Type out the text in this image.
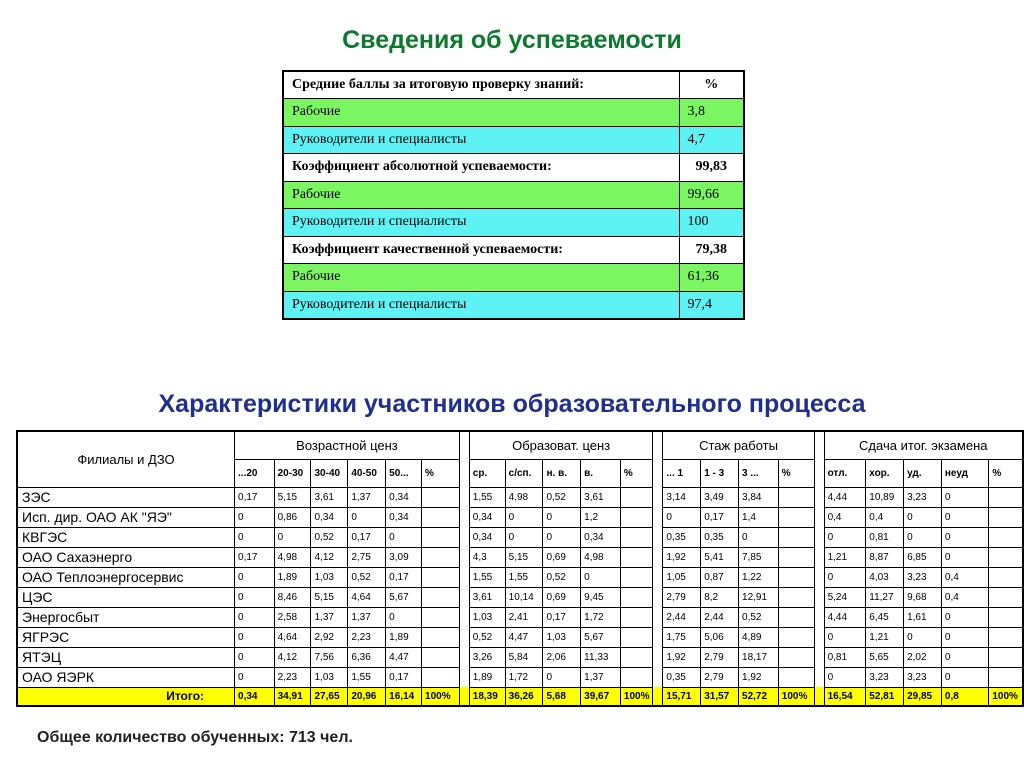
Сведения об успеваемости
Средние баллы за итоговую проверку знаний:	%
Рабочие	3,8
Руководители и специалисты	4,7
Коэффициент абсолютной успеваемости:	99,83
Рабочие	99,66
Руководители и специалисты	100
Коэффициент качественной успеваемости:	79,38
Рабочие	61,36
Руководители и специалисты	97,4
Характеристики участников образовательного процесса
Филиалы и ДЗО	Возрастной ценз							Образоват. ценз						Стаж работы					Сдача итог. экзамена				
	...20	20-30	30-40	40-50	50...	%		ср.	с/сп.	н. в.	в.	%		... 1	1 - 3	3 ...	%		отл.	хор.	уд.	неуд	%
ЗЭС	0,17	5,15	3,61	1,37	0,34			1,55	4,98	0,52	3,61			3,14	3,49	3,84			4,44	10,89	3,23	0	
Исп. дир. ОАО АК "ЯЭ"	0	0,86	0,34	0	0,34			0,34	0	0	1,2			0	0,17	1,4			0,4	0,4	0	0	
КВГЭС	0	0	0,52	0,17	0			0,34	0	0	0,34			0,35	0,35	0			0	0,81	0	0	
ОАО Сахаэнерго	0,17	4,98	4,12	2,75	3,09			4,3	5,15	0,69	4,98			1,92	5,41	7,85			1,21	8,87	6,85	0	
ОАО Теплоэнергосервис	0	1,89	1,03	0,52	0,17			1,55	1,55	0,52	0			1,05	0,87	1,22			0	4,03	3,23	0,4	
ЦЭС	0	8,46	5,15	4,64	5,67			3,61	10,14	0,69	9,45			2,79	8,2	12,91			5,24	11,27	9,68	0,4	
Энергосбыт	0	2,58	1,37	1,37	0			1,03	2,41	0,17	1,72			2,44	2,44	0,52			4,44	6,45	1,61	0	
ЯГРЭС	0	4,64	2,92	2,23	1,89			0,52	4,47	1,03	5,67			1,75	5,06	4,89			0	1,21	0	0	
ЯТЭЦ	0	4,12	7,56	6,36	4,47			3,26	5,84	2,06	11,33			1,92	2,79	18,17			0,81	5,65	2,02	0	
ОАО ЯЭРК	0	2,23	1,03	1,55	0,17			1,89	1,72	0	1,37			0,35	2,79	1,92			0	3,23	3,23	0	
Итого:	0,34	34,91	27,65	20,96	16,14	100%		18,39	36,26	5,68	39,67	100%		15,71	31,57	52,72	100%		16,54	52,81	29,85	0,8	100%
Общее количество обученных: 713 чел.
